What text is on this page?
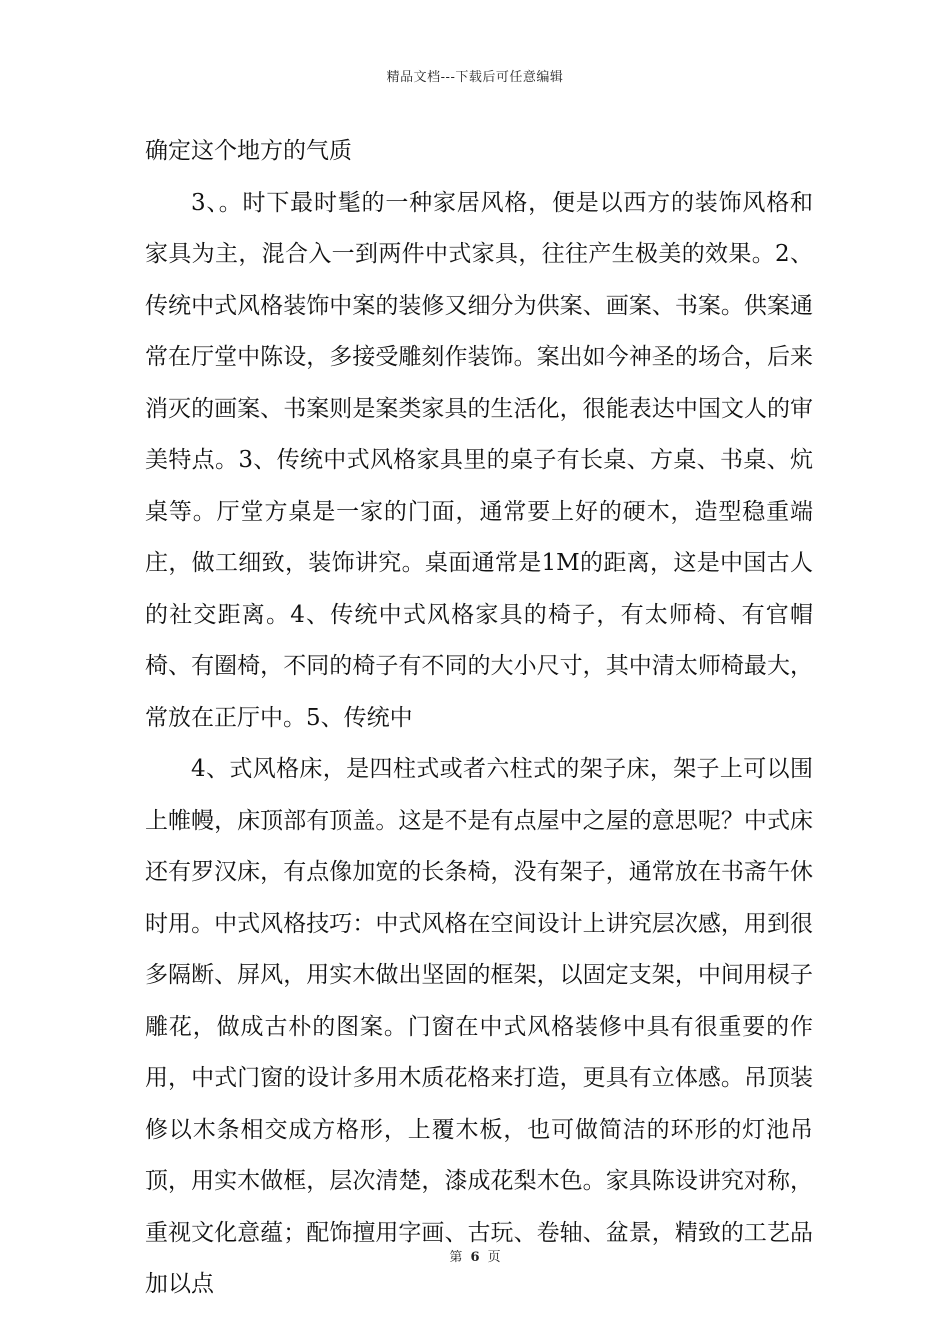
精品文档---下载后可任意编辑

确定这个地方的气质

3、。时下最时髦的一种家居风格，便是以西方的装饰风格和家具为主，混合入一到两件中式家具，往往产生极美的效果。2、传统中式风格装饰中案的装修又细分为供案、画案、书案。供案通常在厅堂中陈设，多接受雕刻作装饰。案出如今神圣的场合，后来消灭的画案、书案则是案类家具的生活化，很能表达中国文人的审美特点。3、传统中式风格家具里的桌子有长桌、方桌、书桌、炕桌等。厅堂方桌是一家的门面，通常要上好的硬木，造型稳重端庄，做工细致，装饰讲究。桌面通常是1M的距离，这是中国古人的社交距离。4、传统中式风格家具的椅子，有太师椅、有官帽椅、有圈椅，不同的椅子有不同的大小尺寸，其中清太师椅最大，常放在正厅中。5、传统中

4、式风格床，是四柱式或者六柱式的架子床，架子上可以围上帷幔，床顶部有顶盖。这是不是有点屋中之屋的意思呢？中式床还有罗汉床，有点像加宽的长条椅，没有架子，通常放在书斋午休时用。中式风格技巧：中式风格在空间设计上讲究层次感，用到很多隔断、屏风，用实木做出坚固的框架，以固定支架，中间用棂子雕花，做成古朴的图案。门窗在中式风格装修中具有很重要的作用，中式门窗的设计多用木质花格来打造，更具有立体感。吊顶装修以木条相交成方格形，上覆木板，也可做简洁的环形的灯池吊顶，用实木做框，层次清楚，漆成花梨木色。家具陈设讲究对称，重视文化意蕴；配饰擅用字画、古玩、卷轴、盆景，精致的工艺品加以点

第 6 页
